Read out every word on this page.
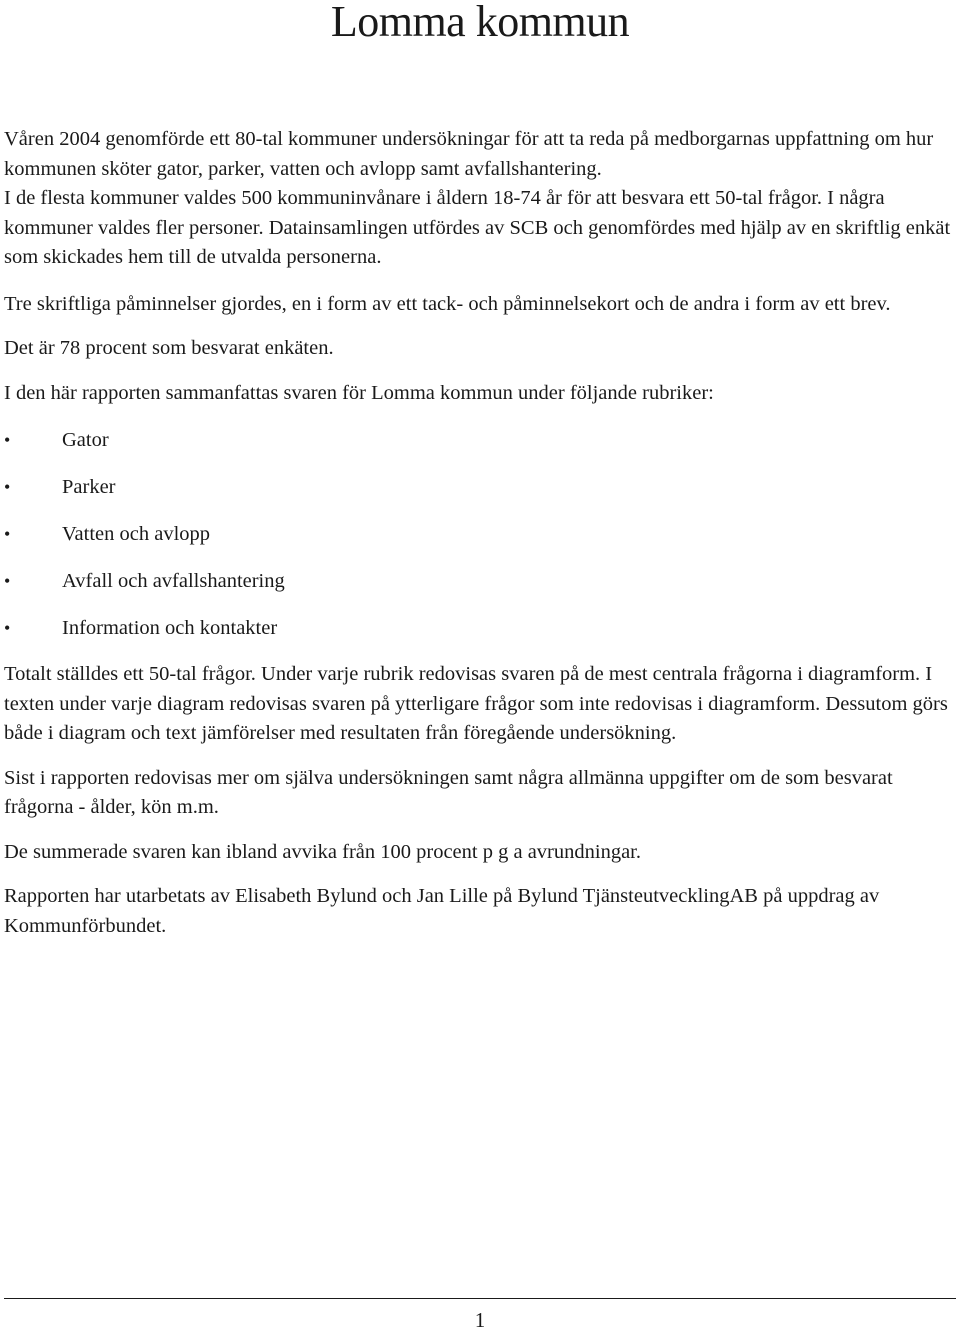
Lomma kommun

Våren 2004 genomförde ett 80-tal kommuner undersökningar för att ta reda på medborgarnas uppfattning om hur kommunen sköter gator, parker, vatten och avlopp samt avfallshantering.

I de flesta kommuner valdes 500 kommuninvånare i åldern 18-74 år för att besvara ett 50-tal frågor. I några kommuner valdes fler personer. Datainsamlingen utfördes av SCB och genomfördes med hjälp av en skriftlig enkät som skickades hem till de utvalda personerna.

Tre skriftliga påminnelser gjordes, en i form av ett tack- och påminnelsekort och de andra i form av ett brev.

Det är 78 procent som besvarat enkäten.

I den här rapporten sammanfattas svaren för Lomma kommun under följande rubriker:

•	Gator
•	Parker
•	Vatten och avlopp
•	Avfall och avfallshantering
•	Information och kontakter

Totalt ställdes ett 50-tal frågor. Under varje rubrik redovisas svaren på de mest centrala frågorna i diagramform. I texten under varje diagram redovisas svaren på ytterligare frågor som inte redovisas i diagramform. Dessutom görs både i diagram och text jämförelser med resultaten från föregående undersökning.

Sist i rapporten redovisas mer om själva undersökningen samt några allmänna uppgifter om de som besvarat frågorna - ålder, kön m.m.

De summerade svaren kan ibland avvika från 100 procent p g a avrundningar.

Rapporten har utarbetats av Elisabeth Bylund och Jan Lille på Bylund TjänsteutvecklingAB på uppdrag av Kommunförbundet.

1
